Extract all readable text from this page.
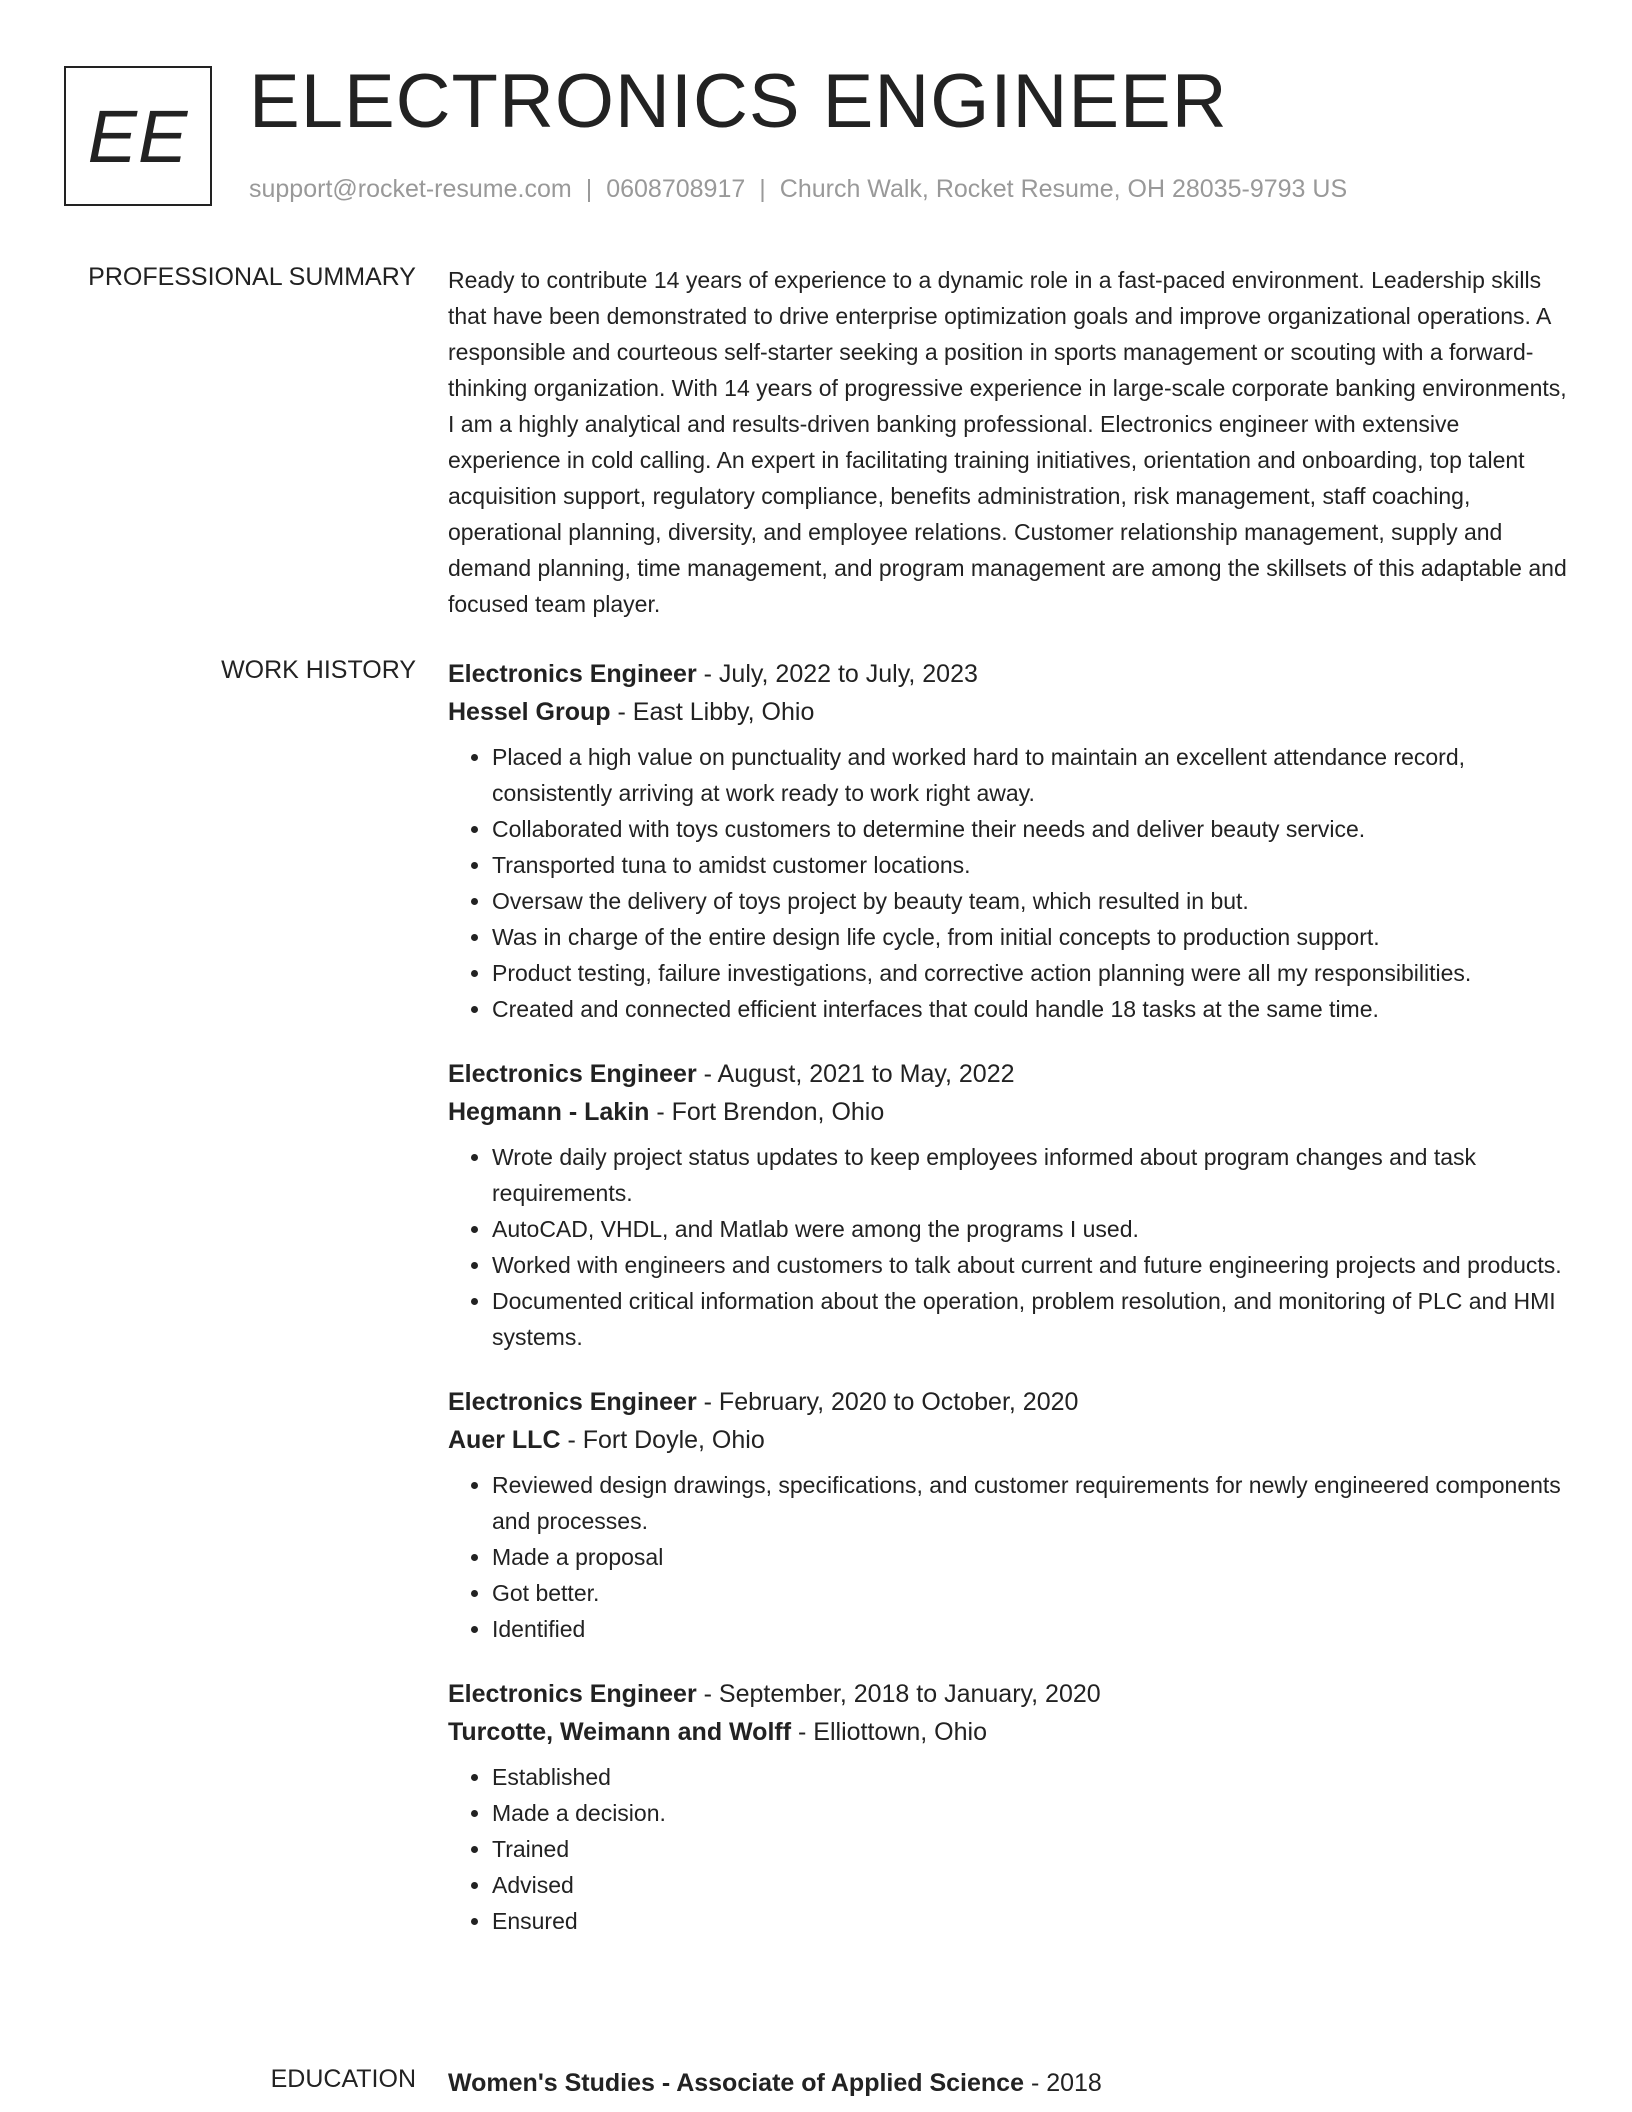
EE ELECTRONICS ENGINEER
support@rocket-resume.com | 0608708917 | Church Walk, Rocket Resume, OH 28035-9793 US
PROFESSIONAL SUMMARY Ready to contribute 14 years of experience to a dynamic role in a fast-paced environment. Leadership skills that have been demonstrated to drive enterprise optimization goals and improve organizational operations. A responsible and courteous self-starter seeking a position in sports management or scouting with a forward-thinking organization. With 14 years of progressive experience in large-scale corporate banking environments, I am a highly analytical and results-driven banking professional. Electronics engineer with extensive experience in cold calling. An expert in facilitating training initiatives, orientation and onboarding, top talent acquisition support, regulatory compliance, benefits administration, risk management, staff coaching, operational planning, diversity, and employee relations. Customer relationship management, supply and demand planning, time management, and program management are among the skillsets of this adaptable and focused team player.

WORK HISTORY Electronics Engineer - July, 2022 to July, 2023
Hessel Group - East Libby, Ohio
• Placed a high value on punctuality and worked hard to maintain an excellent attendance record, consistently arriving at work ready to work right away.
• Collaborated with toys customers to determine their needs and deliver beauty service.
• Transported tuna to amidst customer locations.
• Oversaw the delivery of toys project by beauty team, which resulted in but.
• Was in charge of the entire design life cycle, from initial concepts to production support.
• Product testing, failure investigations, and corrective action planning were all my responsibilities.
• Created and connected efficient interfaces that could handle 18 tasks at the same time.
Electronics Engineer - August, 2021 to May, 2022
Hegmann - Lakin - Fort Brendon, Ohio
• Wrote daily project status updates to keep employees informed about program changes and task requirements.
• AutoCAD, VHDL, and Matlab were among the programs I used.
• Worked with engineers and customers to talk about current and future engineering projects and products.
• Documented critical information about the operation, problem resolution, and monitoring of PLC and HMI systems.
Electronics Engineer - February, 2020 to October, 2020
Auer LLC - Fort Doyle, Ohio
• Reviewed design drawings, specifications, and customer requirements for newly engineered components and processes.
• Made a proposal
• Got better.
• Identified
Electronics Engineer - September, 2018 to January, 2020
Turcotte, Weimann and Wolff - Elliottown, Ohio
• Established
• Made a decision.
• Trained
• Advised
• Ensured
EDUCATION Women's Studies - Associate of Applied Science - 2018
